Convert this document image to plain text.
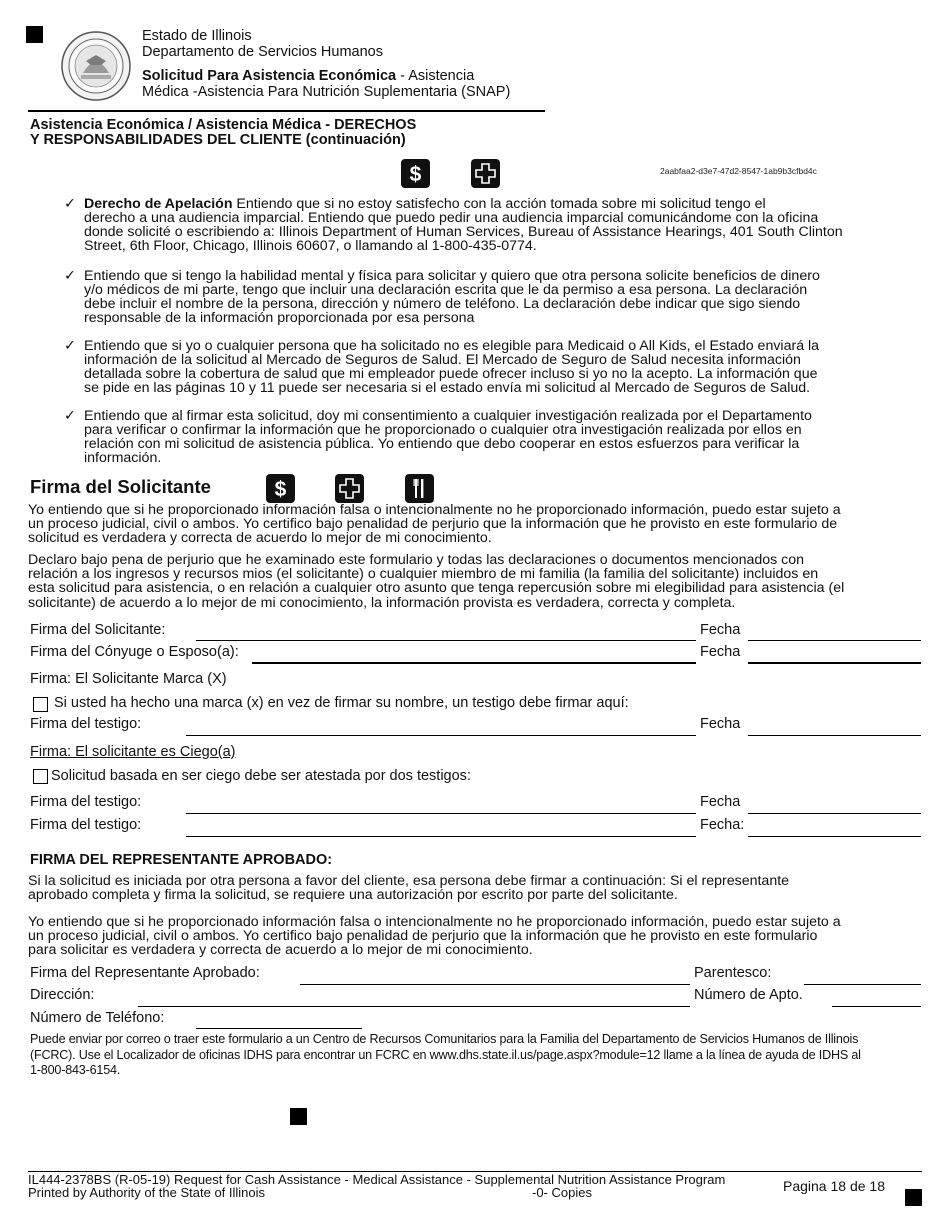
Estado de Illinois
Departamento de Servicios Humanos
Solicitud Para Asistencia Económica - Asistencia
Médica -Asistencia Para Nutrición Suplementaria (SNAP)
Asistencia Económica / Asistencia Médica - DERECHOS
Y RESPONSABILIDADES DEL CLIENTE (continuación)
$	2aabfaa2-d3e7-47d2-8547-1ab9b3cfbd4c
✓ Derecho de Apelación Entiendo que si no estoy satisfecho con la acción tomada sobre mi solicitud tengo el
derecho a una audiencia imparcial. Entiendo que puedo pedir una audiencia imparcial comunicándome con la oficina
donde solicité o escribiendo a: Illinois Department of Human Services, Bureau of Assistance Hearings, 401 South Clinton
Street, 6th Floor, Chicago, Illinois 60607, o llamando al 1-800-435-0774.
✓ Entiendo que si tengo la habilidad mental y física para solicitar y quiero que otra persona solicite beneficios de dinero
y/o médicos de mi parte, tengo que incluir una declaración escrita que le da permiso a esa persona. La declaración
debe incluir el nombre de la persona, dirección y número de teléfono. La declaración debe indicar que sigo siendo
responsable de la información proporcionada por esa persona
✓ Entiendo que si yo o cualquier persona que ha solicitado no es elegible para Medicaid o All Kids, el Estado enviará la
información de la solicitud al Mercado de Seguros de Salud. El Mercado de Seguro de Salud necesita información
detallada sobre la cobertura de salud que mi empleador puede ofrecer incluso si yo no la acepto. La información que
se pide en las páginas 10 y 11 puede ser necesaria si el estado envía mi solicitud al Mercado de Seguros de Salud.
✓ Entiendo que al firmar esta solicitud, doy mi consentimiento a cualquier investigación realizada por el Departamento
para verificar o confirmar la información que he proporcionado o cualquier otra investigación realizada por ellos en
relación con mi solicitud de asistencia pública. Yo entiendo que debo cooperar en estos esfuerzos para verificar la
información.
Firma del Solicitante	$
Yo entiendo que si he proporcionado información falsa o intencionalmente no he proporcionado información, puedo estar sujeto a
un proceso judicial, civil o ambos. Yo certifico bajo penalidad de perjurio que la información que he provisto en este formulario de
solicitud es verdadera y correcta de acuerdo lo mejor de mi conocimiento.
Declaro bajo pena de perjurio que he examinado este formulario y todas las declaraciones o documentos mencionados con
relación a los ingresos y recursos mios (el solicitante) o cualquier miembro de mi familia (la familia del solicitante) incluidos en
esta solicitud para asistencia, o en relación a cualquier otro asunto que tenga repercusión sobre mi elegibilidad para asistencia (el
solicitante) de acuerdo a lo mejor de mi conocimiento, la información provista es verdadera, correcta y completa.
Firma del Solicitante:	Fecha
Firma del Cónyuge o Esposo(a):	Fecha
Firma: El Solicitante Marca (X)
Si usted ha hecho una marca (x) en vez de firmar su nombre, un testigo debe firmar aquí:
Firma del testigo:	Fecha
Firma: El solicitante es Ciego(a)
Solicitud basada en ser ciego debe ser atestada por dos testigos:
Firma del testigo:	Fecha
Firma del testigo:	Fecha:
FIRMA DEL REPRESENTANTE APROBADO:
Si la solicitud es iniciada por otra persona a favor del cliente, esa persona debe firmar a continuación: Si el representante
aprobado completa y firma la solicitud, se requiere una autorización por escrito por parte del solicitante.
Yo entiendo que si he proporcionado información falsa o intencionalmente no he proporcionado información, puedo estar sujeto a
un proceso judicial, civil o ambos. Yo certifico bajo penalidad de perjurio que la información que he provisto en este formulario
para solicitar es verdadera y correcta de acuerdo a lo mejor de mi conocimiento.
Firma del Representante Aprobado:	Parentesco:
Dirección:	Número de Apto.
Número de Teléfono:
Puede enviar por correo o traer este formulario a un Centro de Recursos Comunitarios para la Familia del Departamento de Servicios Humanos de Illinois
(FCRC). Use el Localizador de oficinas IDHS para encontrar un FCRC en www.dhs.state.il.us/page.aspx?module=12 llame a la línea de ayuda de IDHS al
1-800-843-6154.
IL444-2378BS (R-05-19) Request for Cash Assistance - Medical Assistance - Supplemental Nutrition Assistance Program
Printed by Authority of the State of Illinois	-0- Copies	Pagina 18 de 18
